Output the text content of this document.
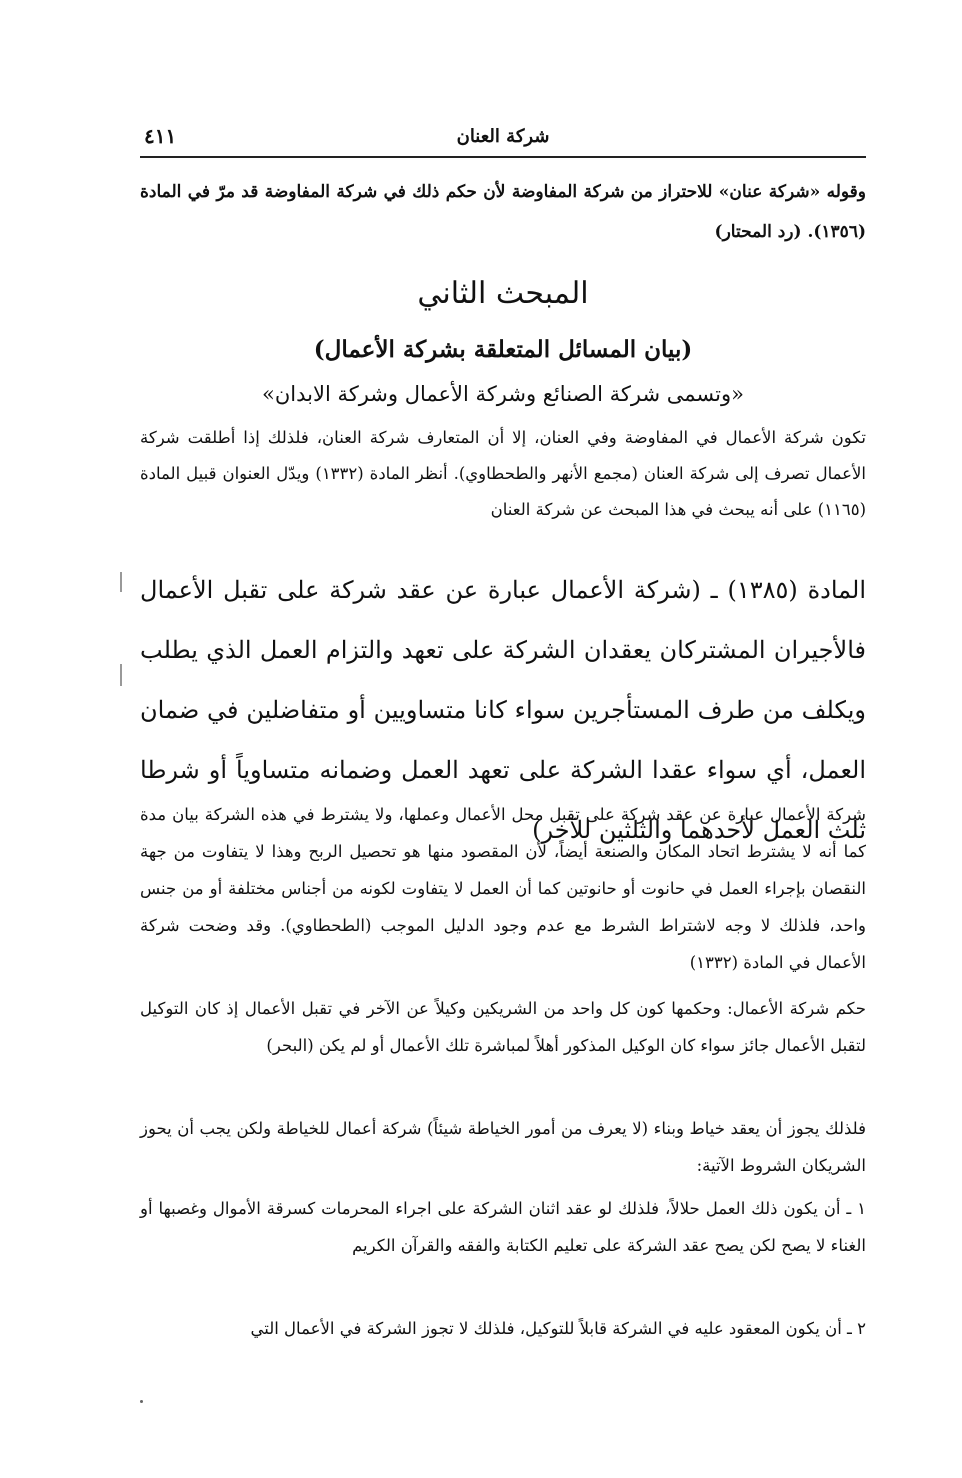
شركة العنان
٤١١

وقوله «شركة عنان» للاحتراز من شركة المفاوضة لأن حكم ذلك في شركة المفاوضة قد مرّ في المادة (١٣٥٦). (رد المحتار)

المبحث الثاني
(بيان المسائل المتعلقة بشركة الأعمال)
«وتسمى شركة الصنائع وشركة الأعمال وشركة الابدان»

تكون شركة الأعمال في المفاوضة وفي العنان، إلا أن المتعارف شركة العنان، فلذلك إذا أطلقت شركة الأعمال تصرف إلى شركة العنان (مجمع الأنهر والطحطاوي). أنظر المادة (١٣٣٢) ويدّل العنوان قبيل المادة (١١٦٥) على أنه يبحث في هذا المبحث عن شركة العنان

المادة (١٣٨٥) ـ (شركة الأعمال عبارة عن عقد شركة على تقبل الأعمال فالأجيران المشتركان يعقدان الشركة على تعهد والتزام العمل الذي يطلب ويكلف من طرف المستأجرين سواء كانا متساويين أو متفاضلين في ضمان العمل، أي سواء عقدا الشركة على تعهد العمل وضمانه متساوياً أو شرطا ثلث العمل لأحدهما والثلثين للآخر)

شركة الأعمال عبارة عن عقد شركة على تقبل محل الأعمال وعملها، ولا يشترط في هذه الشركة بيان مدة كما أنه لا يشترط اتحاد المكان والصنعة أيضاً، لأن المقصود منها هو تحصيل الربح وهذا لا يتفاوت من جهة النقصان بإجراء العمل في حانوت أو حانوتين كما أن العمل لا يتفاوت لكونه من أجناس مختلفة أو من جنس واحد، فلذلك لا وجه لاشتراط الشرط مع عدم وجود الدليل الموجب (الطحطاوي). وقد وضحت شركة الأعمال في المادة (١٣٣٢)

حكم شركة الأعمال: وحكمها كون كل واحد من الشريكين وكيلاً عن الآخر في تقبل الأعمال إذ كان التوكيل لتقبل الأعمال جائز سواء كان الوكيل المذكور أهلاً لمباشرة تلك الأعمال أو لم يكن (البحر)

فلذلك يجوز أن يعقد خياط وبناء (لا يعرف من أمور الخياطة شيئاً) شركة أعمال للخياطة ولكن يجب أن يحوز الشريكان الشروط الآتية:

١ ـ أن يكون ذلك العمل حلالاً، فلذلك لو عقد اثنان الشركة على اجراء المحرمات كسرقة الأموال وغصبها أو الغناء لا يصح لكن يصح عقد الشركة على تعليم الكتابة والفقه والقرآن الكريم

٢ ـ أن يكون المعقود عليه في الشركة قابلاً للتوكيل، فلذلك لا تجوز الشركة في الأعمال التي
